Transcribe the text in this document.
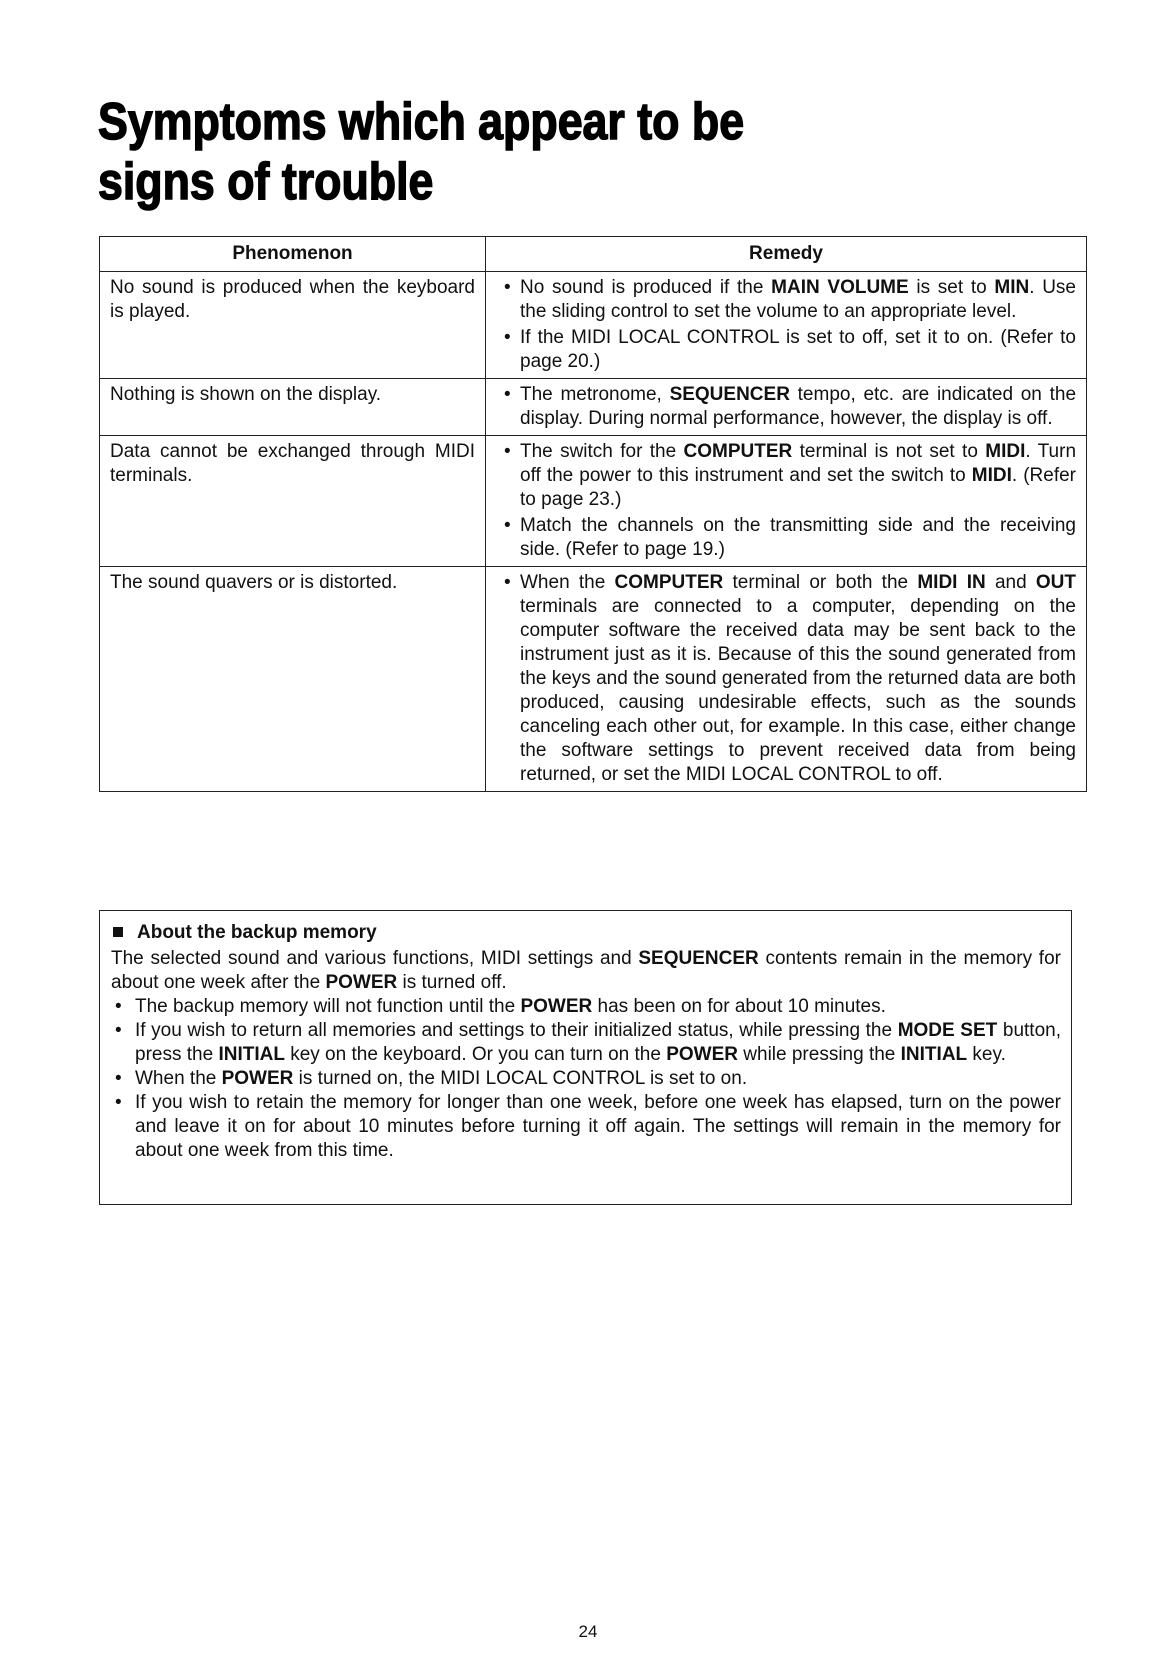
Symptoms which appear to be signs of trouble
Phenomenon	Remedy
No sound is produced when the keyboard is played.	• No sound is produced if the MAIN VOLUME is set to MIN. Use the sliding control to set the volume to an appropriate level.
• If the MIDI LOCAL CONTROL is set to off, set it to on. (Refer to page 20.)

Nothing is shown on the display.	• The metronome, SEQUENCER tempo, etc. are indicated on the display. During normal performance, however, the display is off.

Data cannot be exchanged through MIDI terminals.	• The switch for the COMPUTER terminal is not set to MIDI. Turn off the power to this instrument and set the switch to MIDI. (Refer to page 23.)
• Match the channels on the transmitting side and the receiving side. (Refer to page 19.)

The sound quavers or is distorted.	• When the COMPUTER terminal or both the MIDI IN and OUT terminals are connected to a computer, depending on the computer software the received data may be sent back to the instrument just as it is. Because of this the sound generated from the keys and the sound generated from the returned data are both produced, causing undesirable effects, such as the sounds canceling each other out, for example. In this case, either change the software settings to prevent received data from being returned, or set the MIDI LOCAL CONTROL to off.
About the backup memory
The selected sound and various functions, MIDI settings and SEQUENCER contents remain in the memory for about one week after the POWER is turned off.
• The backup memory will not function until the POWER has been on for about 10 minutes.
• If you wish to return all memories and settings to their initialized status, while pressing the MODE SET button, press the INITIAL key on the keyboard. Or you can turn on the POWER while pressing the INITIAL key.
• When the POWER is turned on, the MIDI LOCAL CONTROL is set to on.
• If you wish to retain the memory for longer than one week, before one week has elapsed, turn on the power and leave it on for about 10 minutes before turning it off again. The settings will remain in the memory for about one week from this time.
24
